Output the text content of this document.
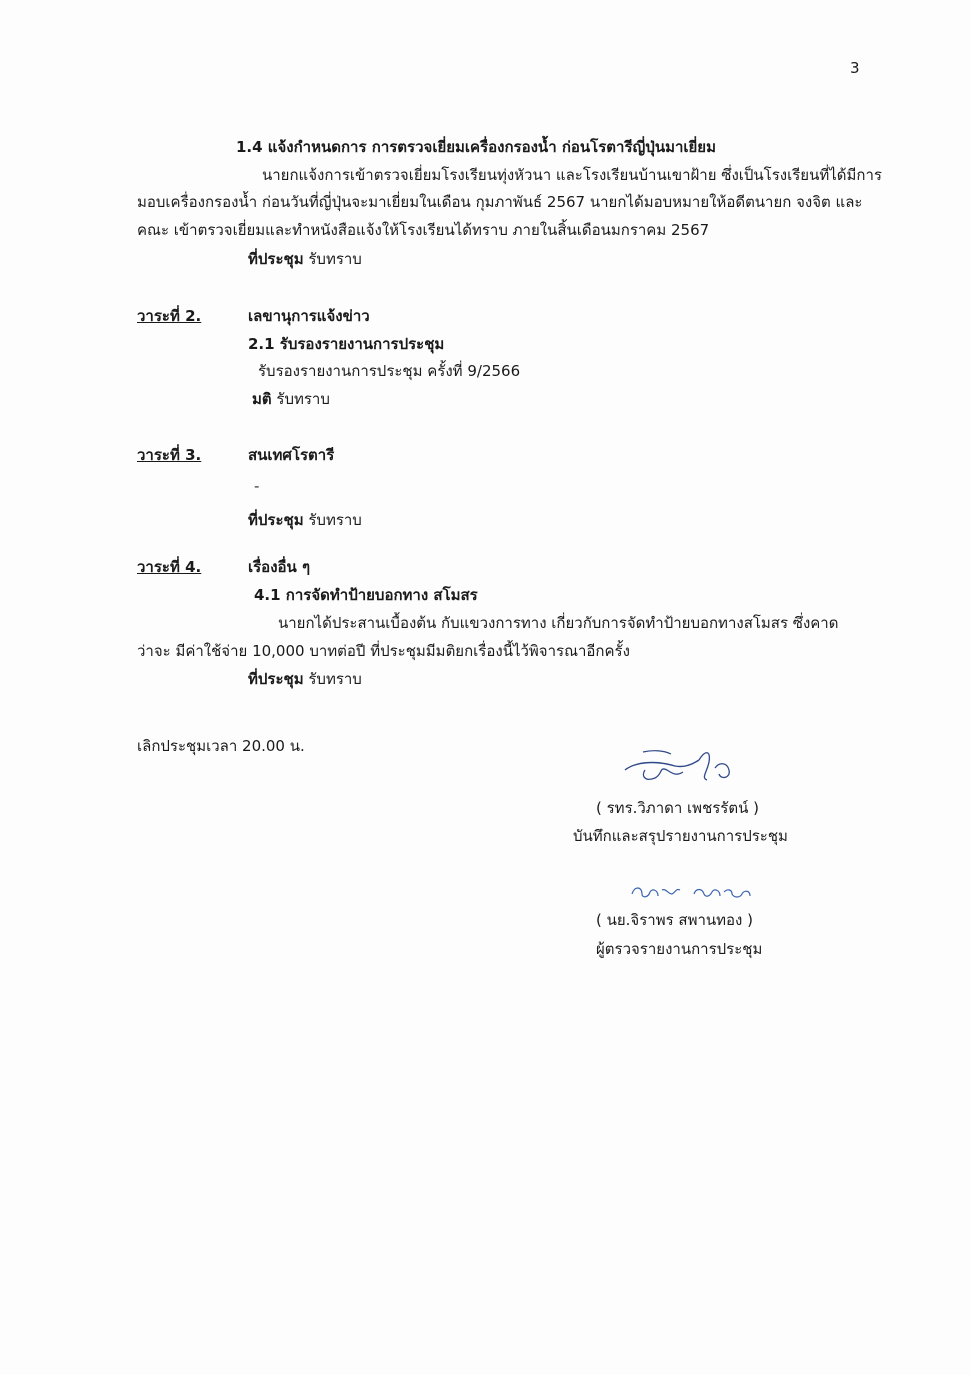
3
1.4 แจ้งกำหนดการ การตรวจเยี่ยมเครื่องกรองน้ำ ก่อนโรตารีญี่ปุ่นมาเยี่ยม
นายกแจ้งการเข้าตรวจเยี่ยมโรงเรียนทุ่งหัวนา และโรงเรียนบ้านเขาฝ้าย ซึ่งเป็นโรงเรียนที่ได้มีการ
มอบเครื่องกรองน้ำ ก่อนวันที่ญี่ปุ่นจะมาเยี่ยมในเดือน กุมภาพันธ์ 2567 นายกได้มอบหมายให้อดีตนายก จงจิต และ
คณะ เข้าตรวจเยี่ยมและทำหนังสือแจ้งให้โรงเรียนได้ทราบ ภายในสิ้นเดือนมกราคม 2567
ที่ประชุม รับทราบ
วาระที่ 2.	เลขานุการแจ้งข่าว
2.1 รับรองรายงานการประชุม
รับรองรายงานการประชุม ครั้งที่ 9/2566
มติ รับทราบ
วาระที่ 3.	สนเทศโรตารี
-
ที่ประชุม รับทราบ
วาระที่ 4.	เรื่องอื่น ๆ
4.1 การจัดทำป้ายบอกทาง สโมสร
นายกได้ประสานเบื้องต้น กับแขวงการทาง เกี่ยวกับการจัดทำป้ายบอกทางสโมสร ซึ่งคาด
ว่าจะ มีค่าใช้จ่าย 10,000 บาทต่อปี ที่ประชุมมีมติยกเรื่องนี้ไว้พิจารณาอีกครั้ง
ที่ประชุม รับทราบ
เลิกประชุมเวลา 20.00 น.
( รทร.วิภาดา เพชรรัตน์ )
บันทึกและสรุปรายงานการประชุม
( นย.จิราพร สพานทอง )
ผู้ตรวจรายงานการประชุม
